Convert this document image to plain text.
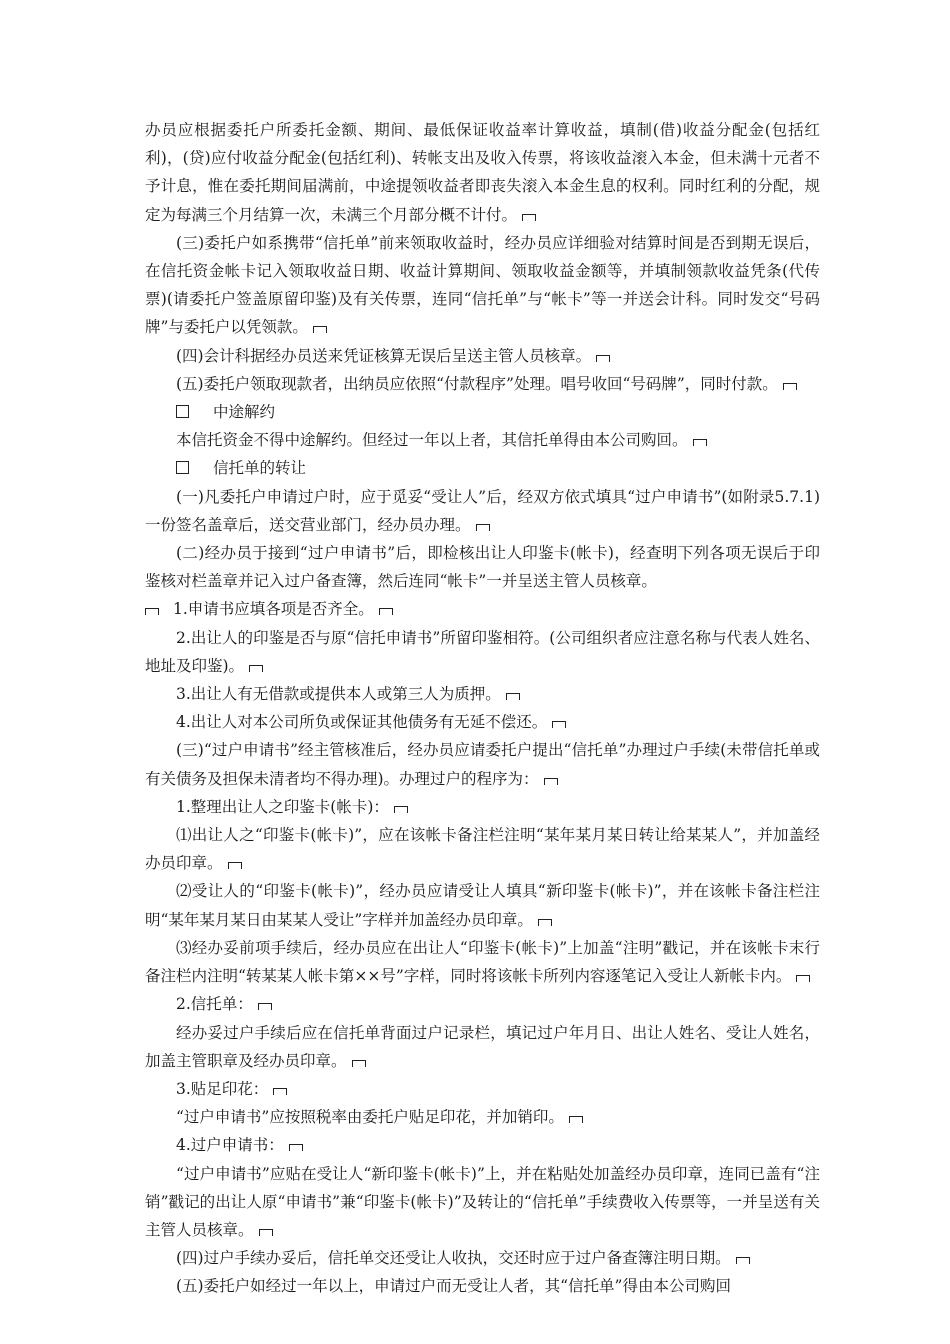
办员应根据委托户所委托金额、期间、最低保证收益率计算收益，填制(借)收益分配金(包括红利)，(贷)应付收益分配金(包括红利)、转帐支出及收入传票，将该收益滚入本金，但未满十元者不予计息，惟在委托期间届满前，中途提领收益者即丧失滚入本金生息的权利。同时红利的分配，规定为每满三个月结算一次，未满三个月部分概不计付。

(三)委托户如系携带“信托单”前来领取收益时，经办员应详细验对结算时间是否到期无误后，在信托资金帐卡记入领取收益日期、收益计算期间、领取收益金额等，并填制领款收益凭条(代传票)(请委托户签盖原留印鉴)及有关传票，连同“信托单”与“帐卡”等一并送会计科。同时发交“号码牌”与委托户以凭领款。

(四)会计科据经办员送来凭证核算无误后呈送主管人员核章。

(五)委托户领取现款者，出纳员应依照“付款程序”处理。唱号收回“号码牌”，同时付款。

中途解约

本信托资金不得中途解约。但经过一年以上者，其信托单得由本公司购回。

信托单的转让

(一)凡委托户申请过户时，应于觅妥“受让人”后，经双方依式填具“过户申请书”(如附录5.7.1)一份签名盖章后，送交营业部门，经办员办理。

(二)经办员于接到“过户申请书”后，即检核出让人印鉴卡(帐卡)，经查明下列各项无误后于印鉴核对栏盖章并记入过户备查簿，然后连同“帐卡”一并呈送主管人员核章。

1.申请书应填各项是否齐全。

2.出让人的印鉴是否与原“信托申请书”所留印鉴相符。(公司组织者应注意名称与代表人姓名、地址及印鉴)。

3.出让人有无借款或提供本人或第三人为质押。

4.出让人对本公司所负或保证其他债务有无延不偿还。

(三)“过户申请书”经主管核准后，经办员应请委托户提出“信托单”办理过户手续(未带信托单或有关债务及担保未清者均不得办理)。办理过户的程序为：

1.整理出让人之印鉴卡(帐卡)：

⑴出让人之“印鉴卡(帐卡)”，应在该帐卡备注栏注明“某年某月某日转让给某某人”，并加盖经办员印章。

⑵受让人的“印鉴卡(帐卡)”，经办员应请受让人填具“新印鉴卡(帐卡)”，并在该帐卡备注栏注明“某年某月某日由某某人受让”字样并加盖经办员印章。

⑶经办妥前项手续后，经办员应在出让人“印鉴卡(帐卡)”上加盖“注明”戳记，并在该帐卡末行备注栏内注明“转某某人帐卡第××号”字样，同时将该帐卡所列内容逐笔记入受让人新帐卡内。

2.信托单：

经办妥过户手续后应在信托单背面过户记录栏，填记过户年月日、出让人姓名、受让人姓名，加盖主管职章及经办员印章。

3.贴足印花：

“过户申请书”应按照税率由委托户贴足印花，并加销印。

4.过户申请书：

“过户申请书”应贴在受让人“新印鉴卡(帐卡)”上，并在粘贴处加盖经办员印章，连同已盖有“注销”戳记的出让人原“申请书”兼“印鉴卡(帐卡)”及转让的“信托单”手续费收入传票等，一并呈送有关主管人员核章。

(四)过户手续办妥后，信托单交还受让人收执，交还时应于过户备查簿注明日期。

(五)委托户如经过一年以上，申请过户而无受让人者，其“信托单”得由本公司购回
